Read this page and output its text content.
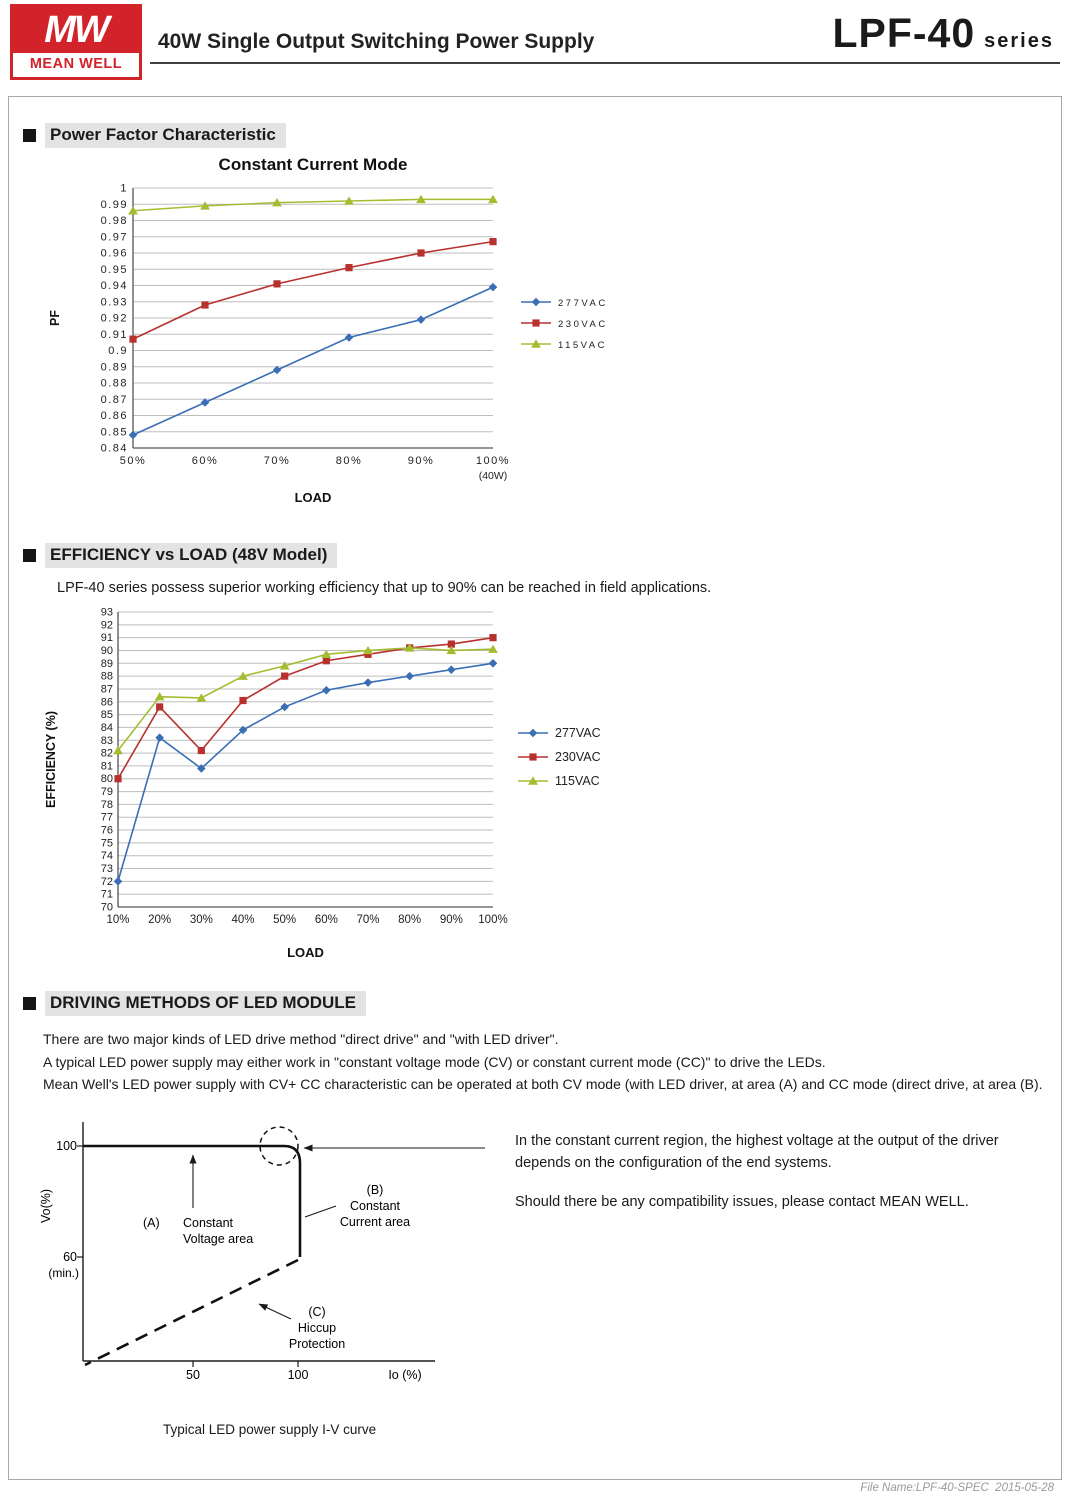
MW
MEAN WELL
40W Single Output Switching Power Supply	LPF-40 series
Power Factor Characteristic
Constant Current Mode
1
0.99
0.98
0.97
0.96
0.95
0.94
0.93
0.92
0.91
0.9
0.89
0.88
0.87
0.86
0.85
0.84
50%	60%	70%	80%	90%	100%
(40W)
LOAD
PF
277VAC
230VAC
115VAC
EFFICIENCY vs LOAD (48V Model)
LPF-40 series possess superior working efficiency that up to 90% can be reached in field applications.
93
92
91
90
89
88
87
86
85
84
83
82
81
80
79
78
77
76
75
74
73
72
71
70
10% 20% 30% 40% 50% 60% 70% 80% 90% 100%
LOAD
EFFICIENCY (%)	277VAC
230VAC
115VAC
DRIVING METHODS OF LED MODULE

There are two major kinds of LED drive method "direct drive" and "with LED driver".

A typical LED power supply may either work in "constant voltage mode (CV) or constant current mode (CC)" to drive the LEDs.

Mean Well's LED power supply with CV+ CC characteristic can be operated at both CV mode (with LED driver, at area (A) and CC mode (direct drive, at area (B).

100
60
(min.)
Vo(%)
50	100	Io (%)
(A) Constant
Voltage area
(B)
Constant
Current area
(C)
Hiccup
Protection
Typical LED power supply I-V curve
In the constant current region, the highest voltage at the output of the driver depends on the configuration of the end systems.
Should there be any compatibility issues, please contact MEAN WELL.
File Name:LPF-40-SPEC  2015-05-28
